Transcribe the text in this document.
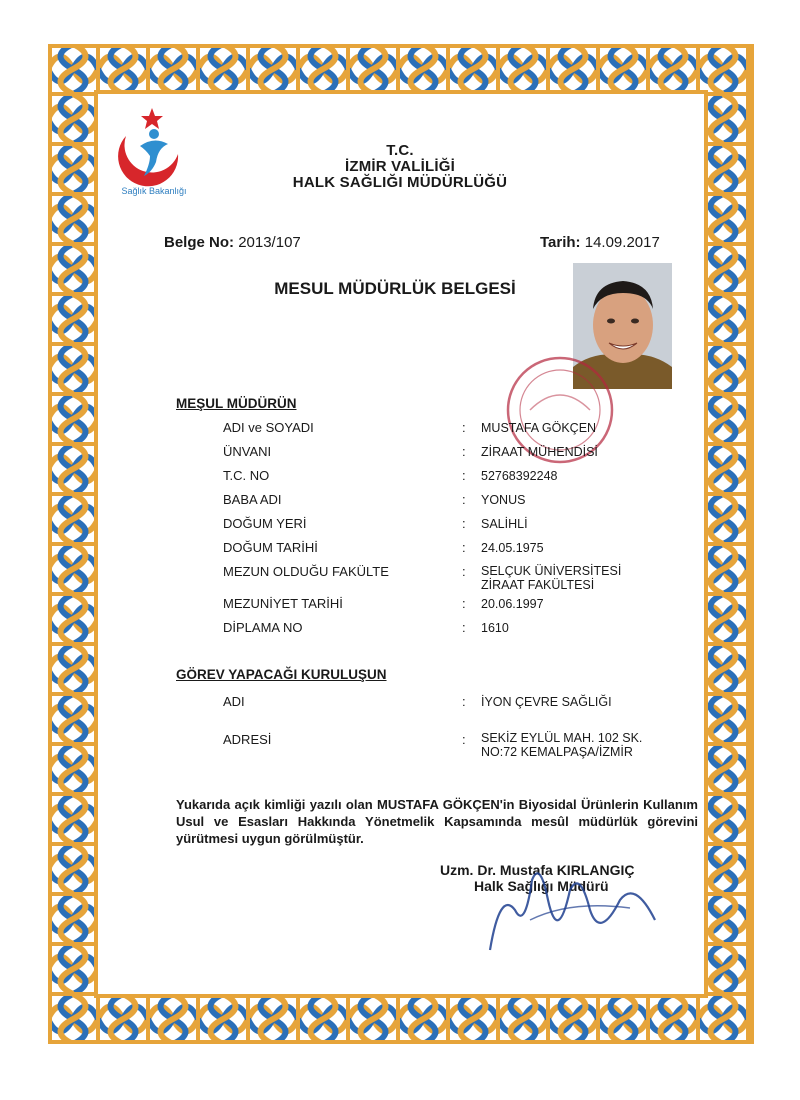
Sağlık Bakanlığı
T.C.
İZMİR VALİLİĞİ
HALK SAĞLIĞI MÜDÜRLÜĞÜ
Belge No: 2013/107	Tarih: 14.09.2017
MESUL MÜDÜRLÜK BELGESİ
MEŞUL MÜDÜRÜN
ADI ve SOYADI	: MUSTAFA GÖKÇEN
ÜNVANI	: ZİRAAT MÜHENDİSİ
T.C. NO	: 52768392248
BABA ADI	: YONUS
DOĞUM YERİ	: SALİHLİ
DOĞUM TARİHİ	: 24.05.1975
MEZUN OLDUĞU FAKÜLTE	: SELÇUK ÜNİVERSİTESİ
ZİRAAT FAKÜLTESİ
MEZUNİYET TARİHİ	: 20.06.1997
DİPLAMA NO	: 1610
GÖREV YAPACAĞI KURULUŞUN
ADI	: İYON ÇEVRE SAĞLIĞI
ADRESİ	: SEKİZ EYLÜL MAH. 102 SK.
NO:72 KEMALPAŞA/İZMİR
Yukarıda açık kimliği yazılı olan MUSTAFA GÖKÇEN'in Biyosidal Ürünlerin Kullanım Usul ve Esasları Hakkında Yönetmelik Kapsamında mesûl müdürlük görevini yürütmesi uygun görülmüştür.
Uzm. Dr. Mustafa KIRLANGIÇ
Halk Sağlığı Müdürü
